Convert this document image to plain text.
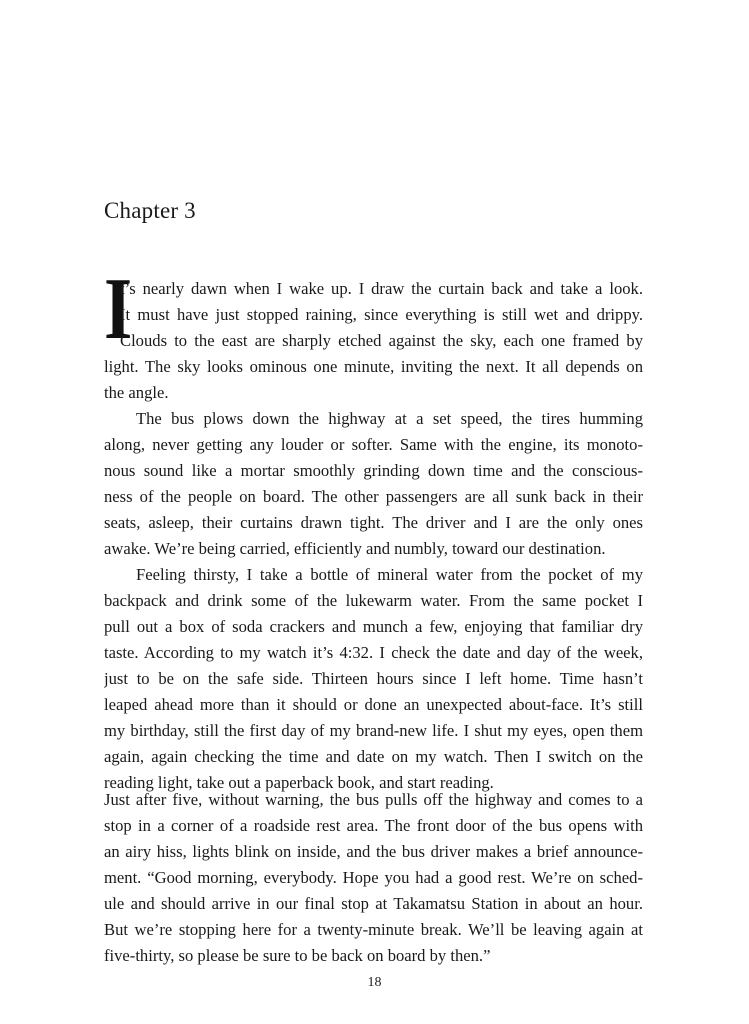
Chapter 3
I
t’s nearly dawn when I wake up. I draw the curtain back and take a look.
It must have just stopped raining, since everything is still wet and drippy.
Clouds to the east are sharply etched against the sky, each one framed by
light. The sky looks ominous one minute, inviting the next. It all depends on
the angle.
The bus plows down the highway at a set speed, the tires humming
along, never getting any louder or softer. Same with the engine, its monoto-
nous sound like a mortar smoothly grinding down time and the conscious-
ness of the people on board. The other passengers are all sunk back in their
seats, asleep, their curtains drawn tight. The driver and I are the only ones
awake. We’re being carried, efficiently and numbly, toward our destination.
Feeling thirsty, I take a bottle of mineral water from the pocket of my
backpack and drink some of the lukewarm water. From the same pocket I
pull out a box of soda crackers and munch a few, enjoying that familiar dry
taste. According to my watch it’s 4:32. I check the date and day of the week,
just to be on the safe side. Thirteen hours since I left home. Time hasn’t
leaped ahead more than it should or done an unexpected about-face. It’s still
my birthday, still the first day of my brand-new life. I shut my eyes, open them
again, again checking the time and date on my watch. Then I switch on the
reading light, take out a paperback book, and start reading.
Just after five, without warning, the bus pulls off the highway and comes to a
stop in a corner of a roadside rest area. The front door of the bus opens with
an airy hiss, lights blink on inside, and the bus driver makes a brief announce-
ment. “Good morning, everybody. Hope you had a good rest. We’re on sched-
ule and should arrive in our final stop at Takamatsu Station in about an hour.
But we’re stopping here for a twenty-minute break. We’ll be leaving again at
five-thirty, so please be sure to be back on board by then.”
18
